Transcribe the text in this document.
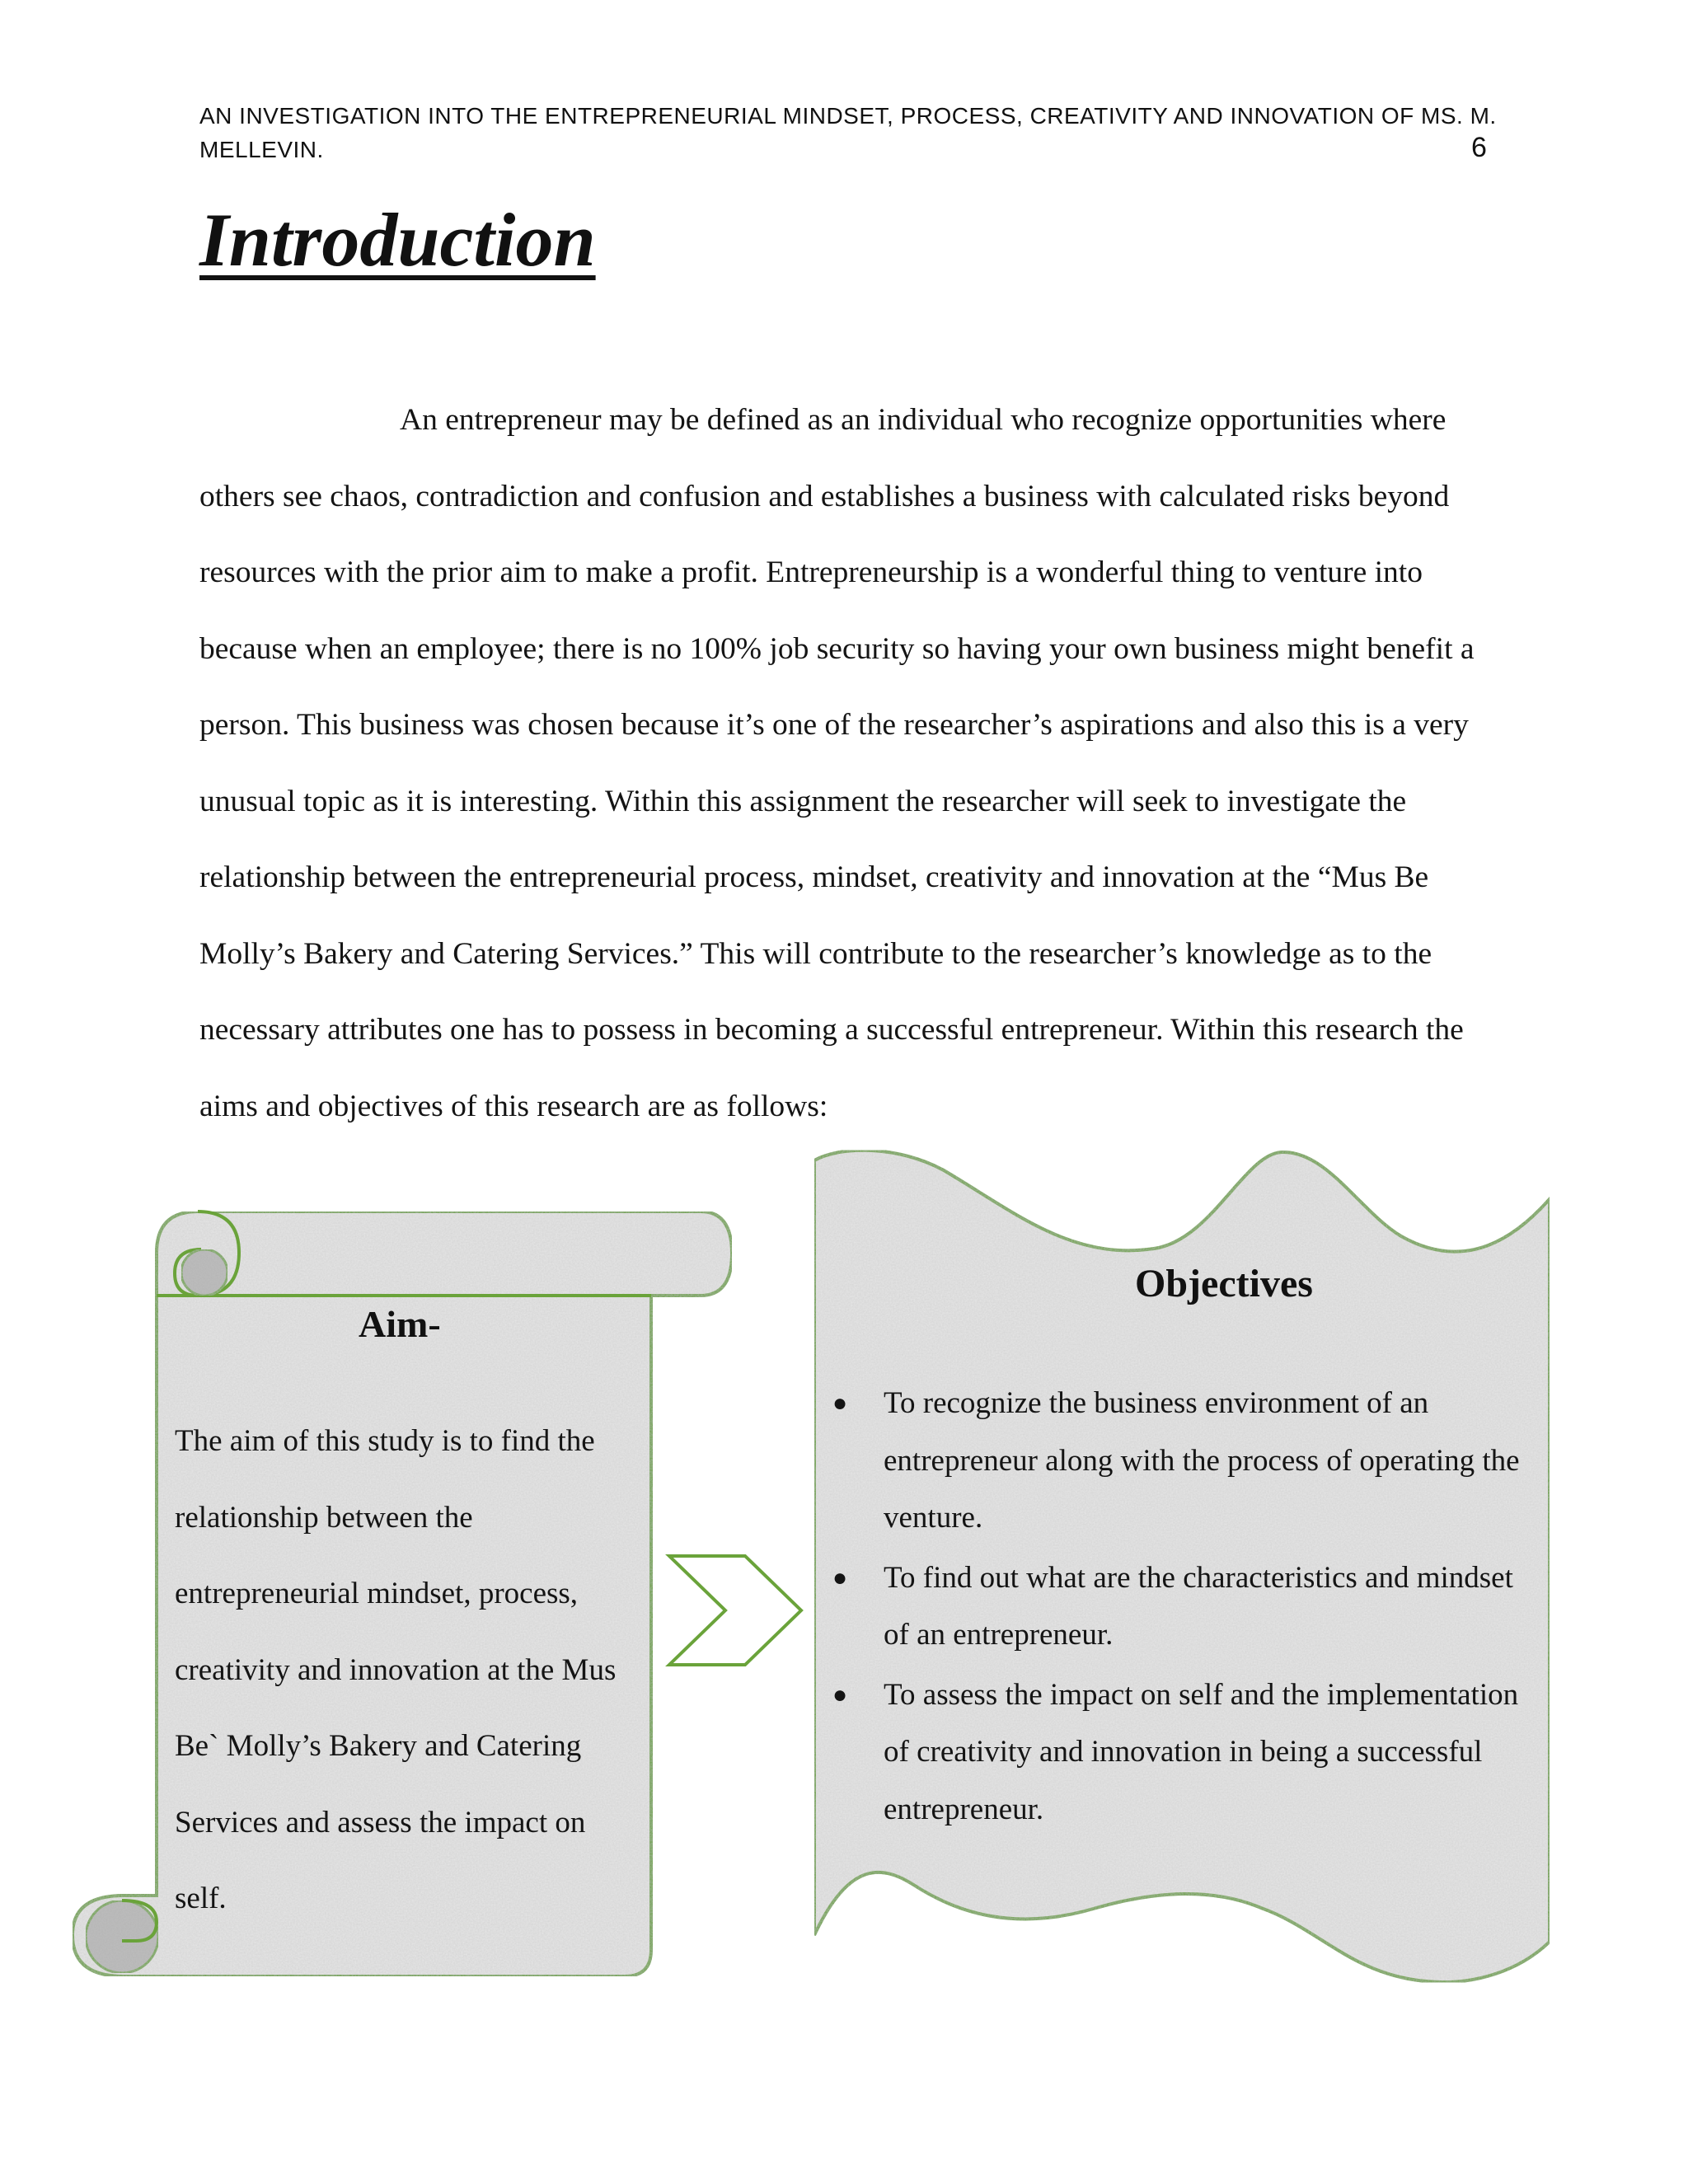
AN INVESTIGATION INTO THE ENTREPRENEURIAL MINDSET, PROCESS, CREATIVITY AND INNOVATION OF MS. M. MELLEVIN.	6
Introduction

An entrepreneur may be defined as an individual who recognize opportunities where others see chaos, contradiction and confusion and establishes a business with calculated risks beyond resources with the prior aim to make a profit. Entrepreneurship is a wonderful thing to venture into because when an employee; there is no 100% job security so having your own business might benefit a person. This business was chosen because it’s one of the researcher’s aspirations and also this is a very unusual topic as it is interesting. Within this assignment the researcher will seek to investigate the relationship between the entrepreneurial process, mindset, creativity and innovation at the “Mus Be Molly’s Bakery and Catering Services.” This will contribute to the researcher’s knowledge as to the necessary attributes one has to possess in becoming a successful entrepreneur. Within this research the aims and objectives of this research are as follows:

Aim-

The aim of this study is to find the relationship between the entrepreneurial mindset, process, creativity and innovation at the Mus Be` Molly’s Bakery and Catering Services and assess the impact on self.

Objectives
● To recognize the business environment of an entrepreneur along with the process of operating the venture.
● To find out what are the characteristics and mindset of an entrepreneur.
● To assess the impact on self and the implementation of creativity and innovation in being a successful entrepreneur.
